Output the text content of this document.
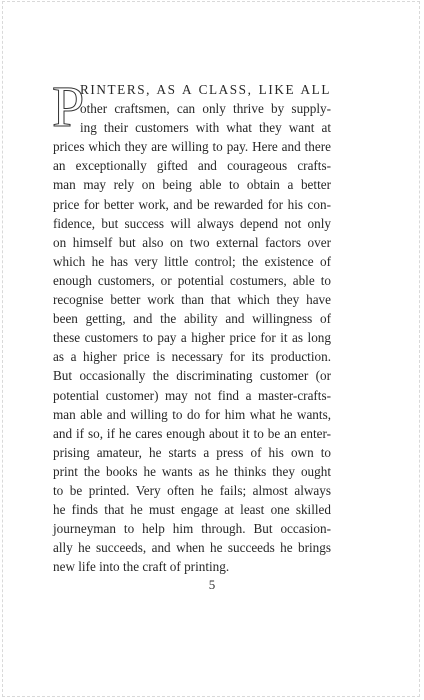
P
RINTERS, AS A CLASS, LIKE ALL
other craftsmen, can only thrive by supply-
ing their customers with what they want at
prices which they are willing to pay. Here and there
an exceptionally gifted and courageous crafts-
man may rely on being able to obtain a better
price for better work, and be rewarded for his con-
fidence, but success will always depend not only
on himself but also on two external factors over
which he has very little control; the existence of
enough customers, or potential costumers, able to
recognise better work than that which they have
been getting, and the ability and willingness of
these customers to pay a higher price for it as long
as a higher price is necessary for its production.
But occasionally the discriminating customer (or
potential customer) may not find a master-crafts-
man able and willing to do for him what he wants,
and if so, if he cares enough about it to be an enter-
prising amateur, he starts a press of his own to
print the books he wants as he thinks they ought
to be printed. Very often he fails; almost always
he finds that he must engage at least one skilled
journeyman to help him through. But occasion-
ally he succeeds, and when he succeeds he brings
new life into the craft of printing.
5
